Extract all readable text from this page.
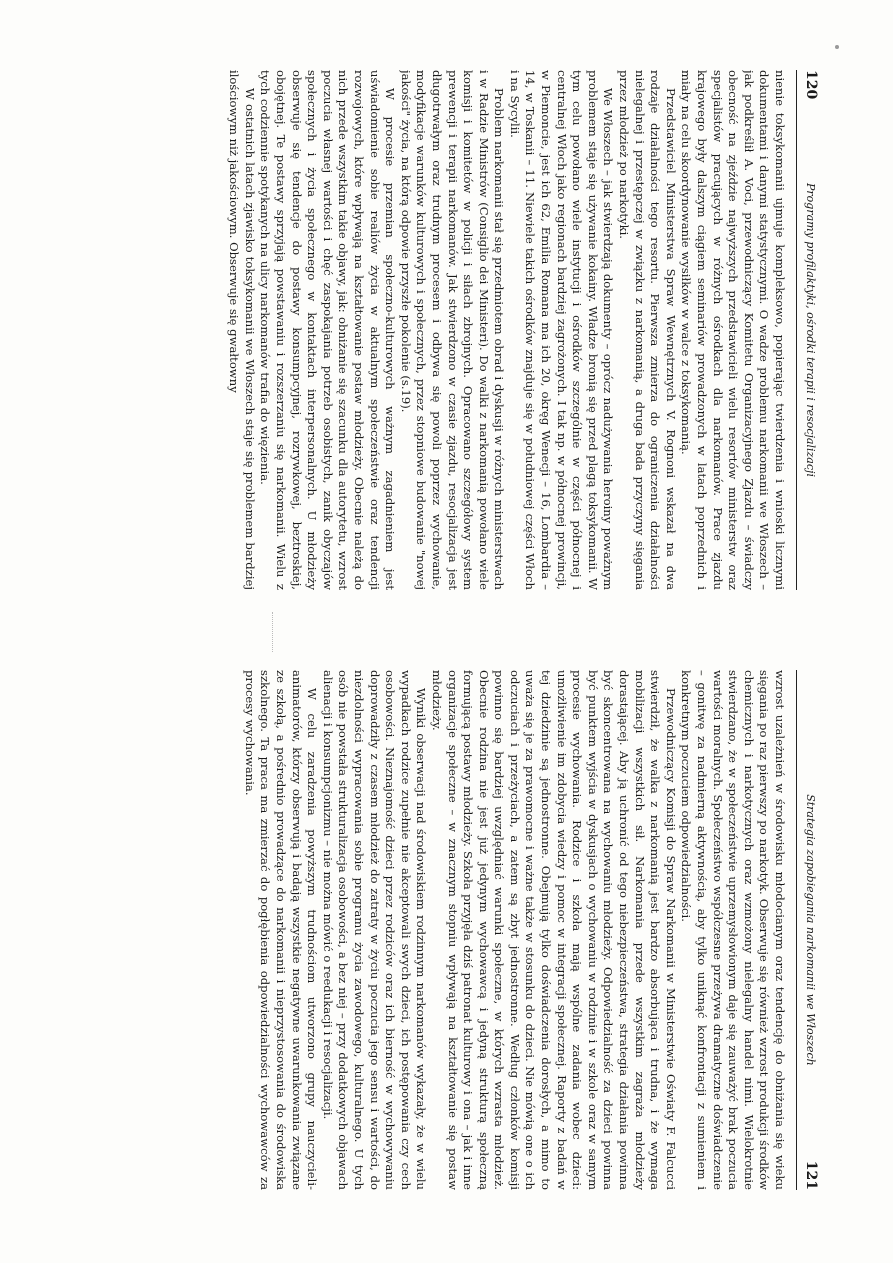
120
Programy profilaktyki, ośrodki terapii i resocjalizacji

nienie toksykomanii ujmuje kompleksowo, popierając twierdzenia i wnioski licznymi dokumentami i danymi statystycznymi. O wadze problemu narkomanii we Włoszech – jak podkreślił A. Voci, przewodniczący Komitetu Organizacyjnego Zjazdu – świadczy obecność na zjeździe najwyższych przedstawicieli wielu resortów ministerstw oraz specjalistów pracujących w różnych ośrodkach dla narkomanów. Prace zjazdu krajowego były dalszym ciągiem seminariów prowadzonych w latach poprzednich i miały na celu skoordynowanie wysiłków w walce z toksykomanią.

Przedstawiciel Ministerstwa Spraw Wewnętrznych V. Rognoni wskazał na dwa rodzaje działalności tego resortu. Pierwsza zmierza do ograniczenia działalności nielegalnej i przestępczej w związku z narkomanią, a druga bada przyczyny sięgania przez młodzież po narkotyki.

We Włoszech – jak stwierdzają dokumenty – oprócz nadużywania heroiny poważnym problemem staje się używanie kokainy. Władze bronią się przed plagą toksykomanii. W tym celu powołano wiele instytucji i ośrodków szczególnie w części północnej i centralnej Włoch jako regionach bardziej zagrożonych. I tak np. w północnej prowincji, w Piemoncie, jest ich 62, Emilia Romana ma ich 20, okręg Wenecji – 16, Lombardia – 14, w Toskanii – 11. Niewiele takich ośrodków znajduje się w południowej części Włoch i na Sycylii.

Problem narkomanii stał się przedmiotem obrad i dyskusji w różnych ministerstwach i w Radzie Ministrów (Consiglio dei Ministeri). Do walki z narkomanią powołano wiele komisji i komitetów w policji i siłach zbrojnych. Opracowano szczegółowy system prewencji i terapii narkomanów. Jak stwierdzono w czasie zjazdu, resocjalizacja jest długotrwałym oraz trudnym procesem i odbywa się powoli poprzez wychowanie, modyfikacje warunków kulturowych i społecznych, przez stopniowe budowanie "nowej jakości" życia, na którą odpowie przyszłe pokolenie (s.19).

W procesie przemian społeczno-kulturowych ważnym zagadnieniem jest uświadomienie sobie realiów życia w aktualnym społeczeństwie oraz tendencji rozwojowych, które wpływają na kształtowanie postaw młodzieży. Obecnie należą do nich przede wszystkim takie objawy, jak: obniżanie się szacunku dla autorytetu, wzrost poczucia własnej wartości i chęć zaspokajania potrzeb osobistych, zanik obyczajów społecznych i życia społecznego w kontaktach interpersonalnych. U młodzieży obserwuje się tendencje do postawy konsumpcyjnej, rozrywkowej, beztroskiej, obojętnej. Te postawy sprzyjają powstawaniu i rozszerzaniu się narkomanii. Wielu z tych codziennie spotykanych na ulicy narkomanów trafia do więzienia.

W ostatnich latach zjawisko toksykomanii we Włoszech staje się problemem bardziej ilościowym niż jakościowym. Obserwuje się gwałtowny

Strategia zapobiegania narkomanii we Włoszech
121

wzrost uzależnień w środowisku młodocianym oraz tendencję do obniżania się wieku sięgania po raz pierwszy po narkotyk. Obserwuje się również wzrost produkcji środków chemicznych i narkotycznych oraz wzmożony nielegalny handel nimi. Wielokrotnie stwierdzano, że w społeczeństwie uprzemysłowionym daje się zauważyć brak poczucia wartości moralnych. Społeczeństwo współczesne przeżywa dramatyczne doświadczenie – gonitwę za nadmierną aktywnością, aby tylko uniknąć konfrontacji z sumieniem i konkretnym poczuciem odpowiedzialności.

Przewodniczący Komisji do Spraw Narkomanii w Ministerstwie Oświaty F. Falcucci stwierdził, że walka z narkomanią jest bardzo absorbująca i trudna, i że wymaga mobilizacji wszystkich sił. Narkomania przede wszystkim zagraża młodzieży dorastającej. Aby ją uchronić od tego niebezpieczeństwa, strategia działania powinna być skoncentrowana na wychowaniu młodzieży. Odpowiedzialność za dzieci powinna być punktem wyjścia w dyskusjach o wychowaniu w rodzinie i w szkole oraz w samym procesie wychowania. Rodzice i szkoła mają wspólne zadania wobec dzieci: umożliwienie im zdobycia wiedzy i pomoc w integracji społecznej. Raporty z badań w tej dziedzinie są jednostronne. Obejmują tylko doświadczenia dorosłych, a mimo to uważa się je za prawomocne i ważne także w stosunku do dzieci. Nie mówią one o ich odczuciach i przeżyciach, a zatem są zbyt jednostronne. Według członków komisji powinno się bardziej uwzględniać warunki społeczne, w których wzrasta młodzież. Obecnie rodzina nie jest już jedynym wychowawcą i jedyną strukturą społeczną formującą postawy młodzieży. Szkoła przyjęła dziś patronat kulturowy i ona – jak i inne organizacje społeczne – w znacznym stopniu wpływają na kształtowanie się postaw młodzieży.

Wyniki obserwacji nad środowiskiem rodzinnym narkomanów wykazały, że w wielu wypadkach rodzice zupełnie nie akceptowali swych dzieci, ich postępowania czy cech osobowości. Nieznajomość dzieci przez rodziców oraz ich bierność w wychowywaniu doprowadziły z czasem młodzież do zatraty w życiu poczucia jego sensu i wartości, do niezdolności wypracowania sobie programu życia zawodowego, kulturalnego. U tych osób nie powstała strukturalizacja osobowości, a bez niej – przy dodatkowych objawach alienacji i konsumpcjonizmu – nie można mówić o reedukacji i resocjalizacji.

W celu zaradzenia powyższym trudnościom utworzono grupy nauczycieli-animatorów, którzy obserwują i badają wszystkie negatywne uwarunkowania związane ze szkołą, a pośrednio prowadzące do narkomanii i nieprzystosowania do środowiska szkolnego. Ta praca ma zmierzać do pogłębienia odpowiedzialności wychowawców za procesy wychowania.
